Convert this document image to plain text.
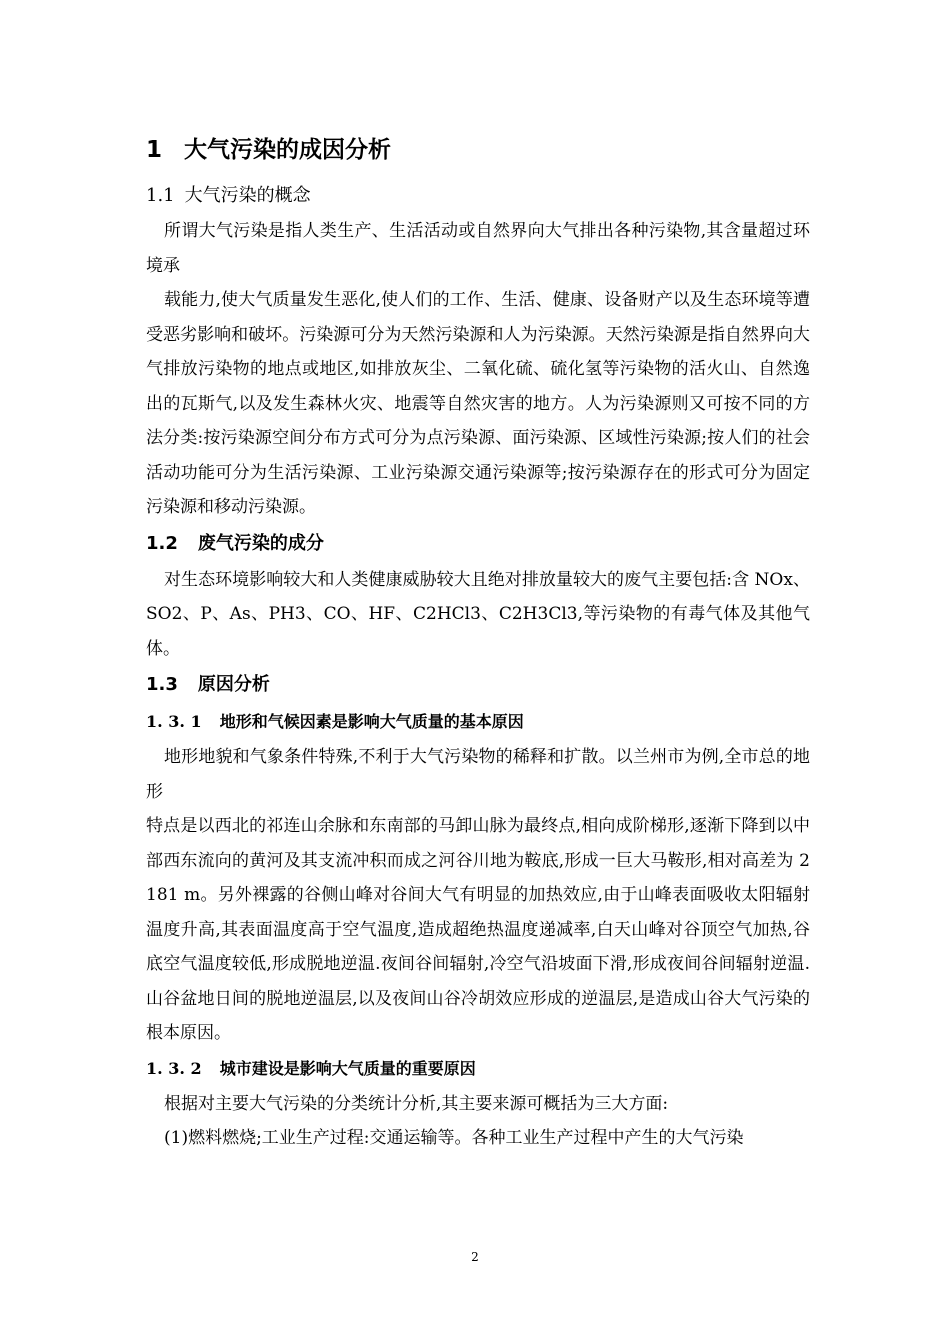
1 大气污染的成因分析
1.1 大气污染的概念

所谓大气污染是指人类生产、生活活动或自然界向大气排出各种污染物,其含量超过环境承

载能力,使大气质量发生恶化,使人们的工作、生活、健康、设备财产以及生态环境等遭受恶劣影响和破坏。污染源可分为天然污染源和人为污染源。天然污染源是指自然界向大气排放污染物的地点或地区,如排放灰尘、二氧化硫、硫化氢等污染物的活火山、自然逸出的瓦斯气,以及发生森林火灾、地震等自然灾害的地方。人为污染源则又可按不同的方法分类:按污染源空间分布方式可分为点污染源、面污染源、区域性污染源;按人们的社会活动功能可分为生活污染源、工业污染源交通污染源等;按污染源存在的形式可分为固定污染源和移动污染源。

1.2 废气污染的成分

对生态环境影响较大和人类健康威胁较大且绝对排放量较大的废气主要包括:含 NOx、SO2、P、As、PH3、CO、HF、C2HCl3、C2H3Cl3,等污染物的有毒气体及其他气体。

1.3 原因分析
1. 3. 1 地形和气候因素是影响大气质量的基本原因

地形地貌和气象条件特殊,不利于大气污染物的稀释和扩散。以兰州市为例,全市总的地形

特点是以西北的祁连山余脉和东南部的马卸山脉为最终点,相向成阶梯形,逐渐下降到以中部西东流向的黄河及其支流冲积而成之河谷川地为鞍底,形成一巨大马鞍形,相对高差为 2 181 m。另外裸露的谷侧山峰对谷间大气有明显的加热效应,由于山峰表面吸收太阳辐射温度升高,其表面温度高于空气温度,造成超绝热温度递减率,白天山峰对谷顶空气加热,谷底空气温度较低,形成脱地逆温.夜间谷间辐射,冷空气沿坡面下滑,形成夜间谷间辐射逆温.山谷盆地日间的脱地逆温层,以及夜间山谷冷胡效应形成的逆温层,是造成山谷大气污染的根本原因。

1. 3. 2 城市建设是影响大气质量的重要原因

根据对主要大气污染的分类统计分析,其主要来源可概括为三大方面:

(1)燃料燃烧;工业生产过程:交通运输等。各种工业生产过程中产生的大气污染

2
